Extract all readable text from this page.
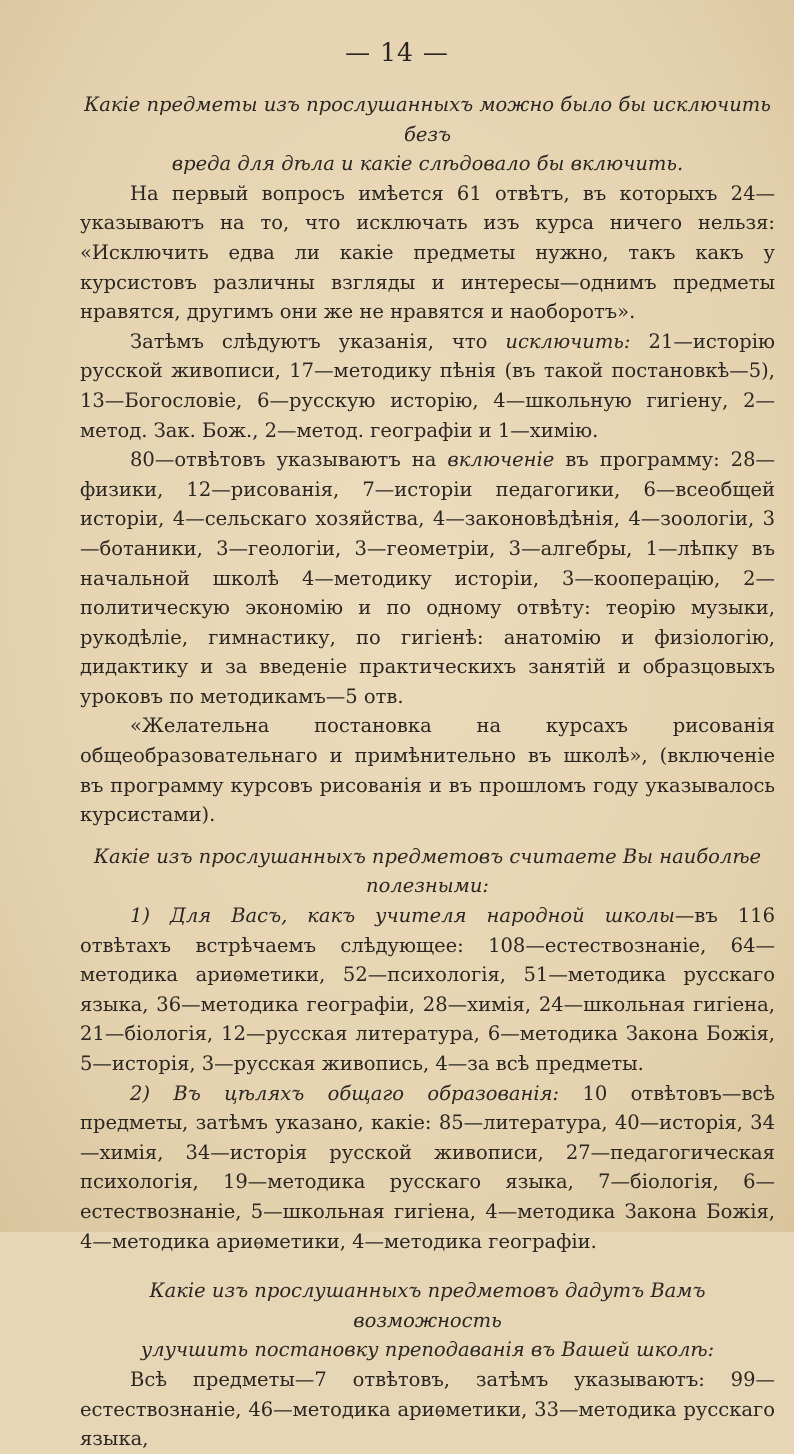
— 14 —

Какіе предметы изъ прослушанныхъ можно было бы исключить безъ
вреда для дѣла и какіе слѣдовало бы включить.

На первый вопросъ имѣется 61 отвѣтъ, въ которыхъ 24—указываютъ на то, что исключать изъ курса ничего нельзя: «Исключить едва ли какіе предметы нужно, такъ какъ у курсистовъ различны взгляды и интересы—однимъ предметы нравятся, другимъ они же не нравятся и наоборотъ».

Затѣмъ слѣдуютъ указанія, что исключить: 21—исторію русской живописи, 17—методику пѣнія (въ такой постановкѣ—5), 13—Богословіе, 6—русскую исторію, 4—школьную гигіену, 2—метод. Зак. Бож., 2—метод. географіи и 1—химію.

80—отвѣтовъ указываютъ на включеніе въ программу: 28—физики, 12—рисованія, 7—исторіи педагогики, 6—всеобщей исторіи, 4—сельскаго хозяйства, 4—законовѣдѣнія, 4—зоологіи, 3—ботаники, 3—геологіи, 3—геометріи, 3—алгебры, 1—лѣпку въ начальной школѣ 4—методику исторіи, 3—кооперацію, 2—политическую экономію и по одному отвѣту: теорію музыки, рукодѣліе, гимнастику, по гигіенѣ: анатомію и физіологію, дидактику и за введеніе практическихъ занятій и образцовыхъ уроковъ по методикамъ—5 отв.

«Желательна постановка на курсахъ рисованія общеобразовательнаго и примѣнительно въ школѣ», (включеніе въ программу курсовъ рисованія и въ прошломъ году указывалось курсистами).

Какіе изъ прослушанныхъ предметовъ считаете Вы наиболѣе полезными:

1) Для Васъ, какъ учителя народной школы—въ 116 отвѣтахъ встрѣчаемъ слѣдующее: 108—естествознаніе, 64—методика ариѳметики, 52—психологія, 51—методика русскаго языка, 36—методика географіи, 28—химія, 24—школьная гигіена, 21—біологія, 12—русская литература, 6—методика Закона Божія, 5—исторія, 3—русская живопись, 4—за всѣ предметы.

2) Въ цѣляхъ общаго образованія: 10 отвѣтовъ—всѣ предметы, затѣмъ указано, какіе: 85—литература, 40—исторія, 34—химія, 34—исторія русской живописи, 27—педагогическая психологія, 19—методика русскаго языка, 7—біологія, 6—естествознаніе, 5—школьная гигіена, 4—методика Закона Божія, 4—методика ариѳметики, 4—методика географіи.

Какіе изъ прослушанныхъ предметовъ дадутъ Вамъ возможность
улучшить постановку преподаванія въ Вашей школѣ:

Всѣ предметы—7 отвѣтовъ, затѣмъ указываютъ: 99—естествознаніе, 46—методика ариѳметики, 33—методика русскаго языка,
